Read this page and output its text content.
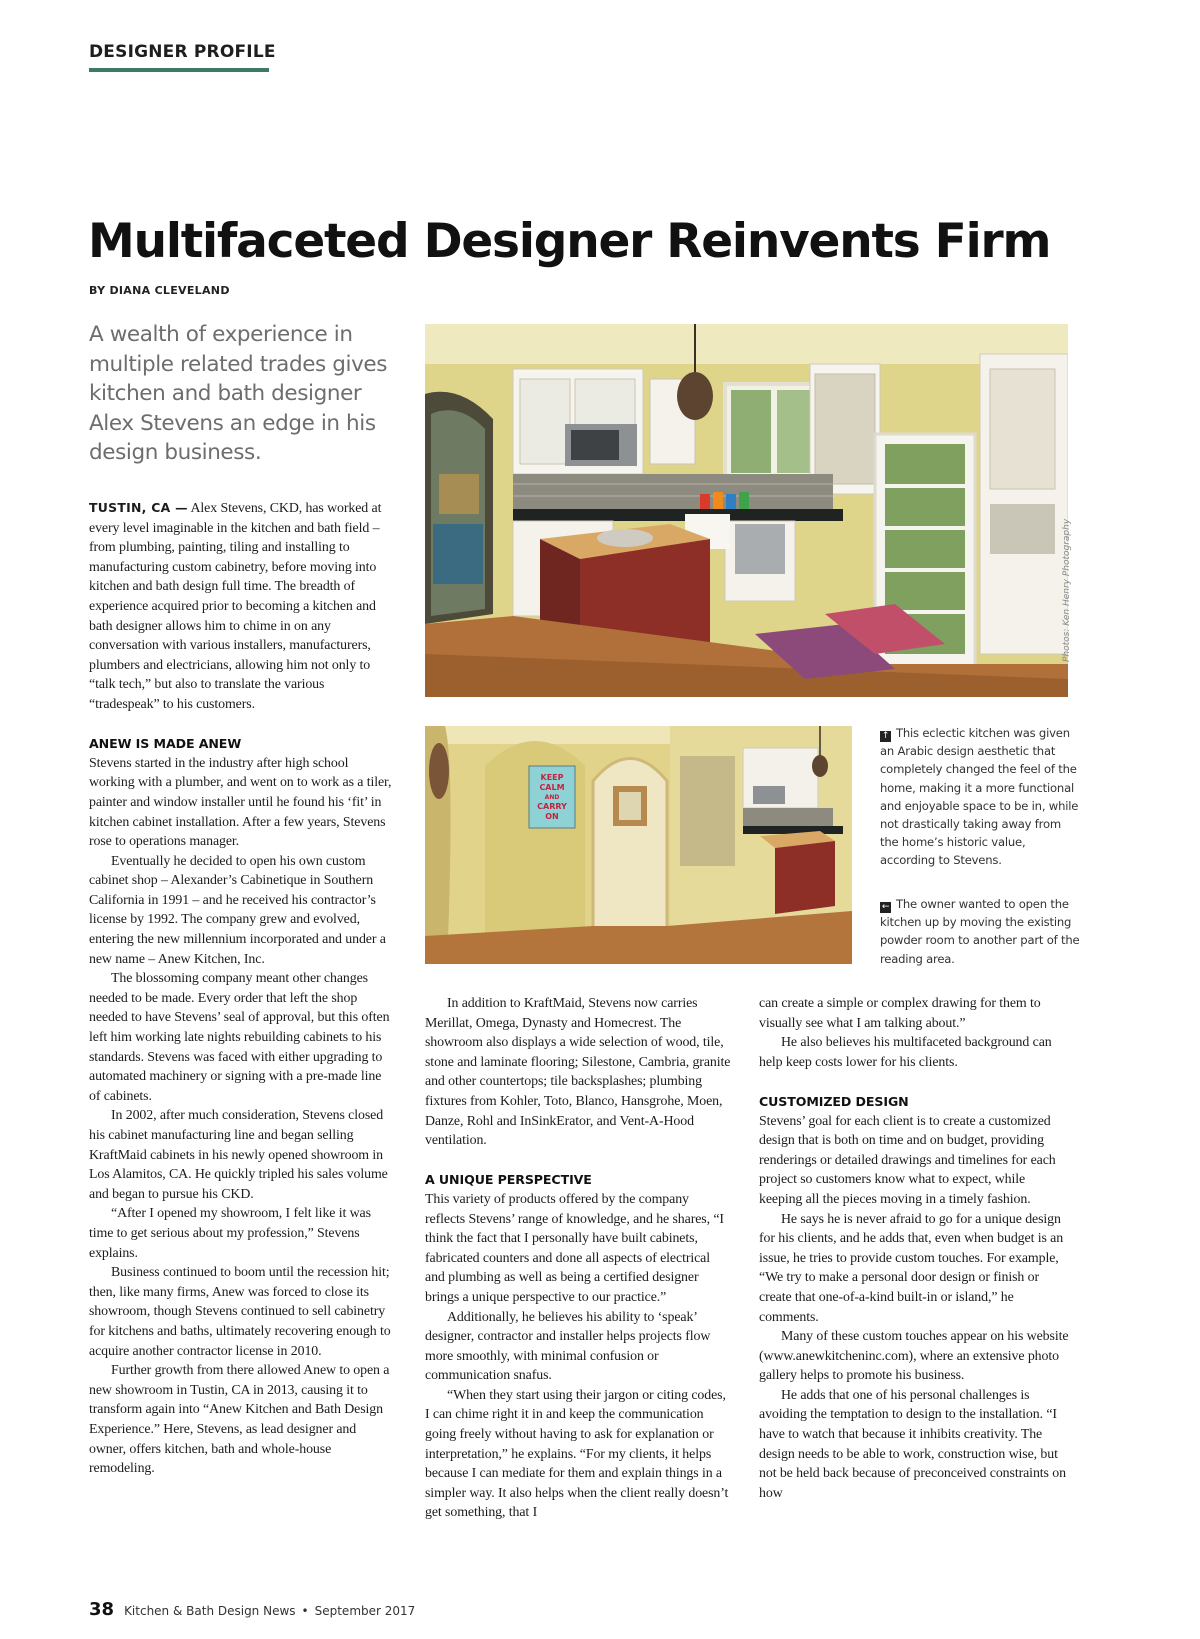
DESIGNER PROFILE
Multifaceted Designer Reinvents Firm
BY DIANA CLEVELAND
A wealth of experience in multiple related trades gives kitchen and bath designer Alex Stevens an edge in his design business.
Photos: Ken Henry Photography
KEEP
CALM
AND
CARRY
ON
↑ This eclectic kitchen was given an Arabic design aesthetic that completely changed the feel of the home, making it a more functional and enjoyable space to be in, while not drastically taking away from the home’s historic value, according to Stevens.
← The owner wanted to open the kitchen up by moving the existing powder room to another part of the reading area.

TUSTIN, CA — Alex Stevens, CKD, has worked at every level imaginable in the kitchen and bath field – from plumbing, painting, tiling and installing to manufacturing custom cabinetry, before moving into kitchen and bath design full time. The breadth of experience acquired prior to becoming a kitchen and bath designer allows him to chime in on any conversation with various installers, manufacturers, plumbers and electricians, allowing him not only to “talk tech,” but also to translate the various “tradespeak” to his customers.

ANEW IS MADE ANEW

Stevens started in the industry after high school working with a plumber, and went on to work as a tiler, painter and window installer until he found his ‘fit’ in kitchen cabinet installation. After a few years, Stevens rose to operations manager.

Eventually he decided to open his own custom cabinet shop – Alexander’s Cabinetique in Southern California in 1991 – and he received his contractor’s license by 1992. The company grew and evolved, entering the new millennium incorporated and under a new name – Anew Kitchen, Inc.

The blossoming company meant other changes needed to be made. Every order that left the shop needed to have Stevens’ seal of approval, but this often left him working late nights rebuilding cabinets to his standards. Stevens was faced with either upgrading to automated machinery or signing with a pre-made line of cabinets.

In 2002, after much consideration, Stevens closed his cabinet manufacturing line and began selling KraftMaid cabinets in his newly opened showroom in Los Alamitos, CA. He quickly tripled his sales volume and began to pursue his CKD.

“After I opened my showroom, I felt like it was time to get serious about my profession,” Stevens explains.

Business continued to boom until the recession hit; then, like many firms, Anew was forced to close its showroom, though Stevens continued to sell cabinetry for kitchens and baths, ultimately recovering enough to acquire another contractor license in 2010.

Further growth from there allowed Anew to open a new showroom in Tustin, CA in 2013, causing it to transform again into “Anew Kitchen and Bath Design Experience.” Here, Stevens, as lead designer and owner, offers kitchen, bath and whole-house remodeling.

In addition to KraftMaid, Stevens now carries Merillat, Omega, Dynasty and Homecrest. The showroom also displays a wide selection of wood, tile, stone and laminate flooring; Silestone, Cambria, granite and other countertops; tile backsplashes; plumbing fixtures from Kohler, Toto, Blanco, Hansgrohe, Moen, Danze, Rohl and InSinkErator, and Vent-A-Hood ventilation.

A UNIQUE PERSPECTIVE

This variety of products offered by the company reflects Stevens’ range of knowledge, and he shares, “I think the fact that I personally have built cabinets, fabricated counters and done all aspects of electrical and plumbing as well as being a certified designer brings a unique perspective to our practice.”

Additionally, he believes his ability to ‘speak’ designer, contractor and installer helps projects flow more smoothly, with minimal confusion or communication snafus.

“When they start using their jargon or citing codes, I can chime right it in and keep the communication going freely without having to ask for explanation or interpretation,” he explains. “For my clients, it helps because I can mediate for them and explain things in a simpler way. It also helps when the client really doesn’t get something, that I

can create a simple or complex drawing for them to visually see what I am talking about.”

He also believes his multifaceted background can help keep costs lower for his clients.

CUSTOMIZED DESIGN

Stevens’ goal for each client is to create a customized design that is both on time and on budget, providing renderings or detailed drawings and timelines for each project so customers know what to expect, while keeping all the pieces moving in a timely fashion.

He says he is never afraid to go for a unique design for his clients, and he adds that, even when budget is an issue, he tries to provide custom touches. For example, “We try to make a personal door design or finish or create that one-of-a-kind built-in or island,” he comments.

Many of these custom touches appear on his website (www.anewkitcheninc.com), where an extensive photo gallery helps to promote his business.

He adds that one of his personal challenges is avoiding the temptation to design to the installation. “I have to watch that because it inhibits creativity. The design needs to be able to work, construction wise, but not be held back because of preconceived constraints on how

38 Kitchen & Bath Design News • September 2017
